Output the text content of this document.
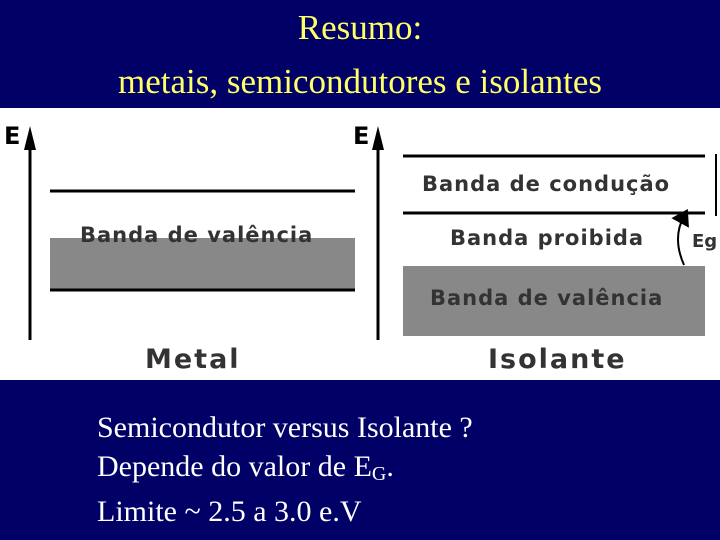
Resumo:
metais, semicondutores e isolantes
E
Banda de valência
Metal
E
Banda de condução
Banda proibida
Banda de valência
Eg
Isolante
Semicondutor versus Isolante ?
Depende do valor de $E_G$.
Limite ~ 2.5 a 3.0 e.V
